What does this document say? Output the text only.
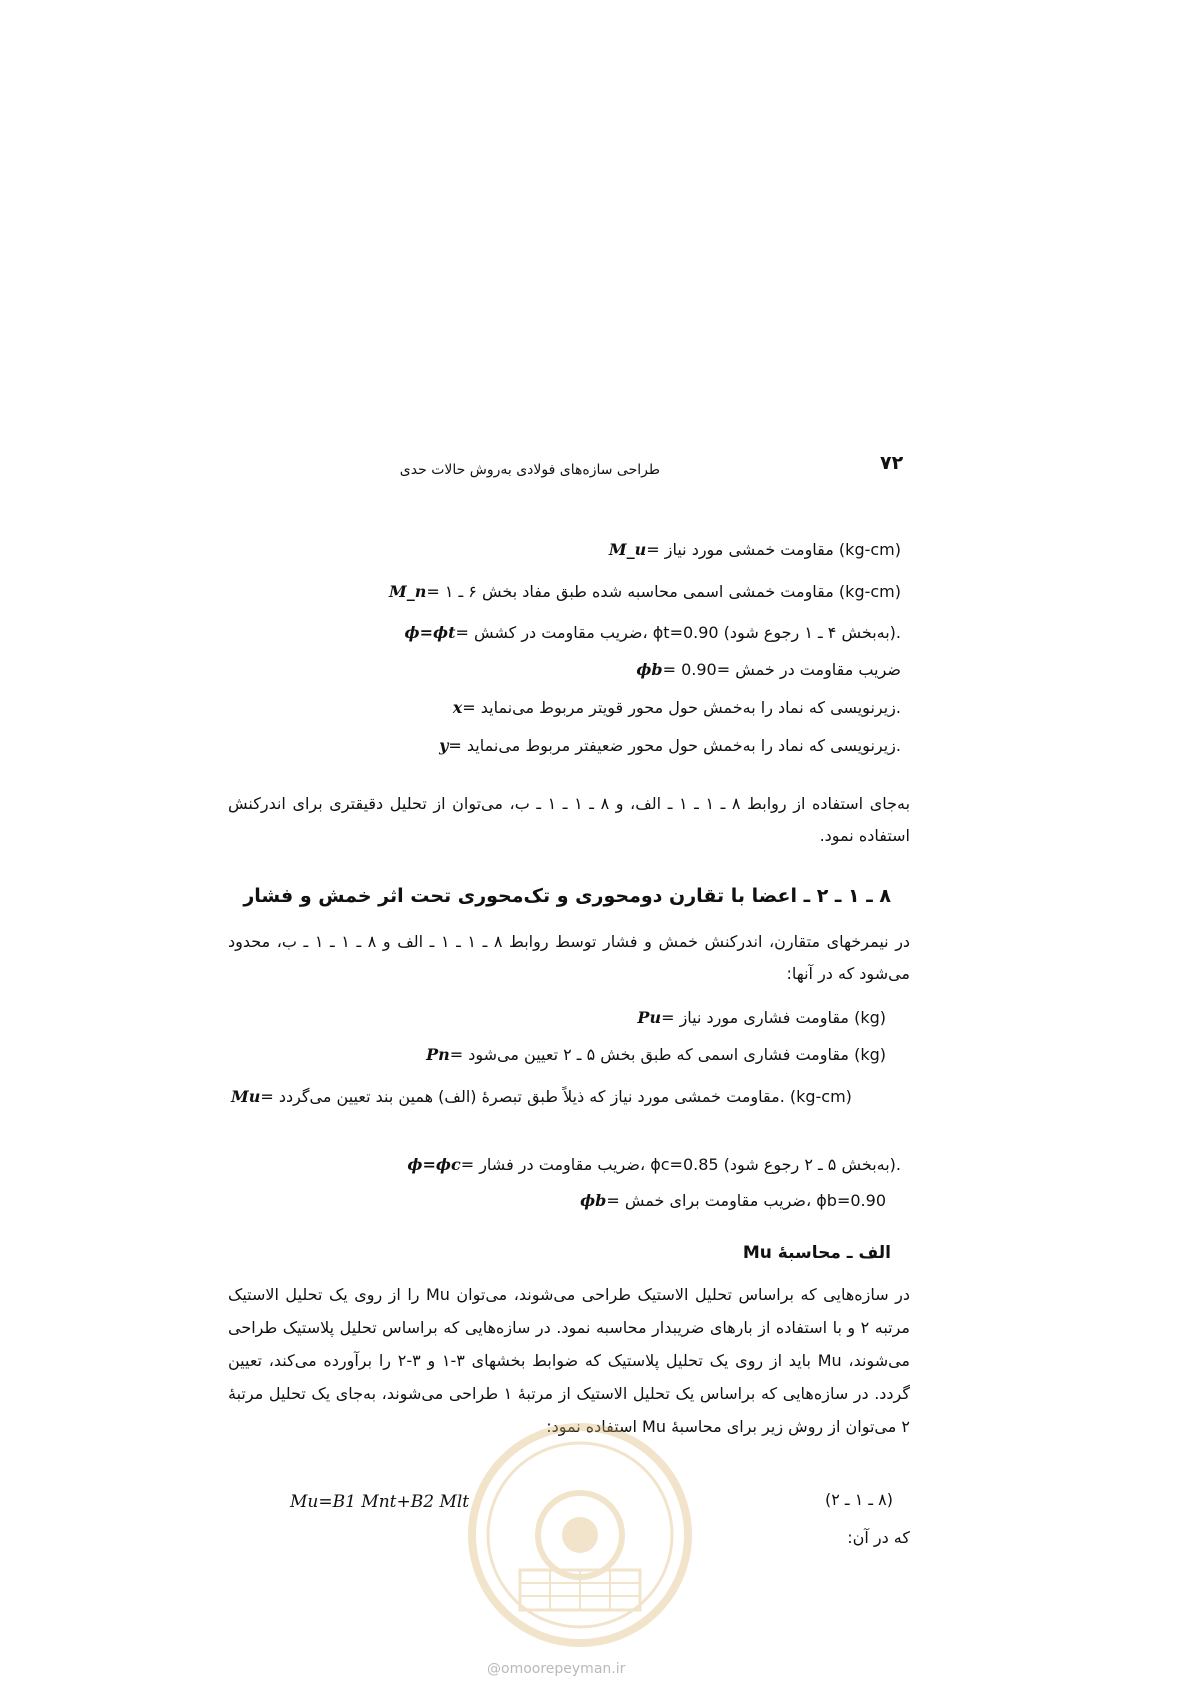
۷۲
طراحی سازه‌های فولادی به‌روش حالات حدی
M_u= مقاومت خمشی مورد نیاز (kg-cm)
M_n= مقاومت خمشی اسمی محاسبه شده طبق مفاد بخش ۶ ـ ۱ (kg-cm)
ϕ=ϕt= ضریب مقاومت در کشش، ϕt=0.90 (به‌بخش ۴ ـ ۱ رجوع شود).
ϕb= ضریب مقاومت در خمش =0.90
x= زیرنویسی که نماد را به‌خمش حول محور قویتر مربوط می‌نماید.
y= زیرنویسی که نماد را به‌خمش حول محور ضعیفتر مربوط می‌نماید.
به‌جای استفاده از روابط ۸ ـ ۱ ـ ۱ ـ الف، و ۸ ـ ۱ ـ ۱ ـ ب، می‌توان از تحلیل دقیقتری برای اندرکنش استفاده نمود.
۸ ـ ۱ ـ ۲ ـ اعضا با تقارن دومحوری و تک‌محوری تحت اثر خمش و فشار
در نیمرخهای متقارن، اندرکنش خمش و فشار توسط روابط ۸ ـ ۱ ـ ۱ ـ الف و ۸ ـ ۱ ـ ۱ ـ ب، محدود می‌شود که در آنها:
Pu= مقاومت فشاری مورد نیاز (kg)
Pn= مقاومت فشاری اسمی که طبق بخش ۵ ـ ۲ تعیین می‌شود (kg)
Mu= مقاومت خمشی مورد نیاز که ذیلاً طبق تبصرهٔ (الف) همین بند تعیین می‌گردد. (kg-cm)
ϕ=ϕc= ضریب مقاومت در فشار، ϕc=0.85 (به‌بخش ۵ ـ ۲ رجوع شود).
ϕb= ضریب مقاومت برای خمش، ϕb=0.90
الف ـ محاسبهٔ Mu
در سازه‌هایی که براساس تحلیل الاستیک طراحی می‌شوند، می‌توان Mu را از روی یک تحلیل الاستیک مرتبه ۲ و با استفاده از بارهای ضریبدار محاسبه نمود. در سازه‌هایی که براساس تحلیل پلاستیک طراحی می‌شوند، Mu باید از روی یک تحلیل پلاستیک که ضوابط بخشهای ۳-۱ و ۳-۲ را برآورده می‌کند، تعیین گردد. در سازه‌هایی که براساس یک تحلیل الاستیک از مرتبهٔ ۱ طراحی می‌شوند، به‌جای یک تحلیل مرتبهٔ ۲ می‌توان از روش زیر برای محاسبهٔ Mu استفاده نمود:
Mu=B1 Mnt+B2 Mlt	(۸ ـ ۱ ـ ۲)
که در آن:
@omoorepeyman.ir
